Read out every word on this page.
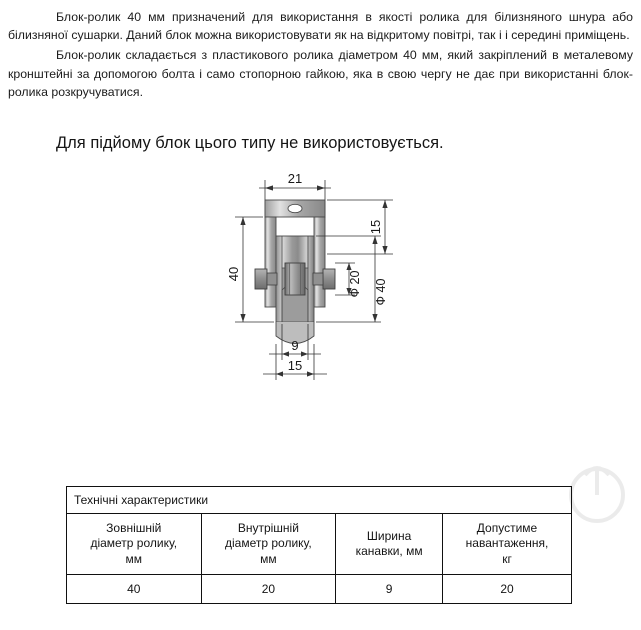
Блок-ролик 40 мм призначений для використання в якості ролика для білизняного шнура або білизняної сушарки. Даний блок можна використовувати як на відкритому повітрі, так і і середині приміщень.

Блок-ролик складається з пластикового ролика діаметром 40 мм, який закріплений в металевому кронштейні за допомогою болта і само стопорною гайкою, яка в свою чергу не дає при використанні блок-ролика розкручуватися.

Для підйому блок цього типу не використовується.
21
40
15
Ф 20 Ф 40
9
15
Технічні характеристики			

Зовнішній
діаметр ролику,
мм

Внутрішній
діаметр ролику,
мм

Ширина
канавки, мм

Допустиме
навантаження,
кг

40	20	9	20
